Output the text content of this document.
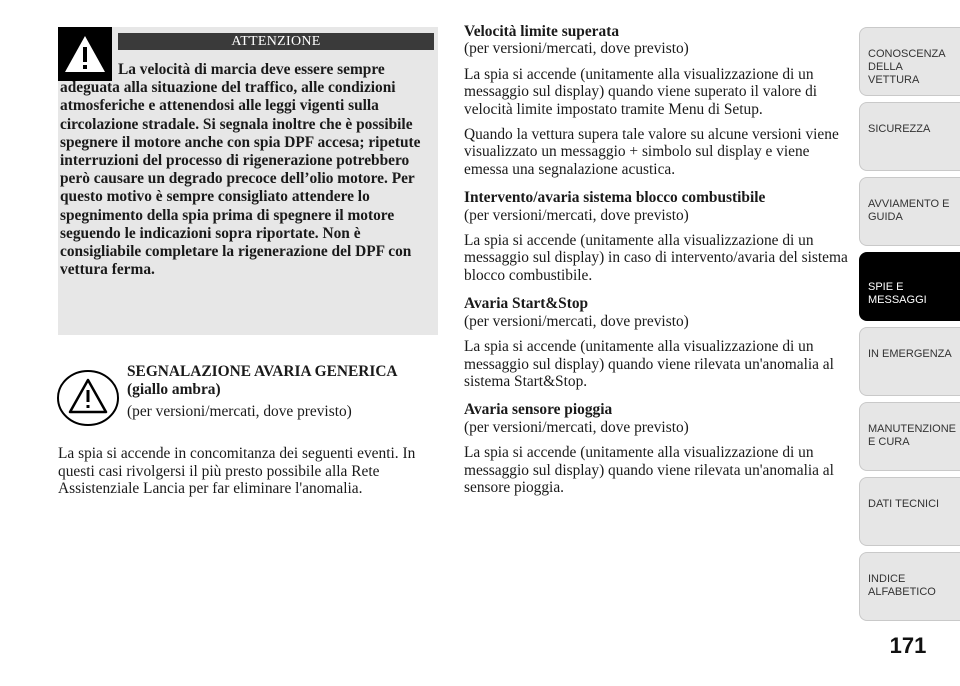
ATTENZIONE
La velocità di marcia deve essere sempre adeguata alla situazione del traffico, alle condizioni atmosferiche e attenendosi alle leggi vigenti sulla circolazione stradale. Si segnala inoltre che è possibile spegnere il motore anche con spia DPF accesa; ripetute interruzioni del processo di rigenerazione potrebbero però causare un degrado precoce dell’olio motore. Per questo motivo è sempre consigliato attendere lo spegnimento della spia prima di spegnere il motore seguendo le indicazioni sopra riportate. Non è consigliabile completare la rigenerazione del DPF con vettura ferma.
SEGNALAZIONE AVARIA GENERICA (giallo ambra)
(per versioni/mercati, dove previsto)
La spia si accende in concomitanza dei seguenti eventi. In questi casi rivolgersi il più presto possibile alla Rete Assistenziale Lancia per far eliminare l'anomalia.

Velocità limite superata

(per versioni/mercati, dove previsto)

La spia si accende (unitamente alla visualizzazione di un messaggio sul display) quando viene superato il valore di velocità limite impostato tramite Menu di Setup.

Quando la vettura supera tale valore su alcune versioni viene visualizzato un messaggio + simbolo sul display e viene emessa una segnalazione acustica.

Intervento/avaria sistema blocco combustibile

(per versioni/mercati, dove previsto)

La spia si accende (unitamente alla visualizzazione di un messaggio sul display) in caso di intervento/avaria del sistema blocco combustibile.

Avaria Start&Stop

(per versioni/mercati, dove previsto)

La spia si accende (unitamente alla visualizzazione di un messaggio sul display) quando viene rilevata un'anomalia al sistema Start&Stop.

Avaria sensore pioggia

(per versioni/mercati, dove previsto)

La spia si accende (unitamente alla visualizzazione di un messaggio sul display) quando viene rilevata un'anomalia al sensore pioggia.

CONOSCENZA DELLA VETTURA
SICUREZZA
AVVIAMENTO E GUIDA
SPIE E MESSAGGI
IN EMERGENZA
MANUTENZIONE E CURA
DATI TECNICI
INDICE ALFABETICO
171
